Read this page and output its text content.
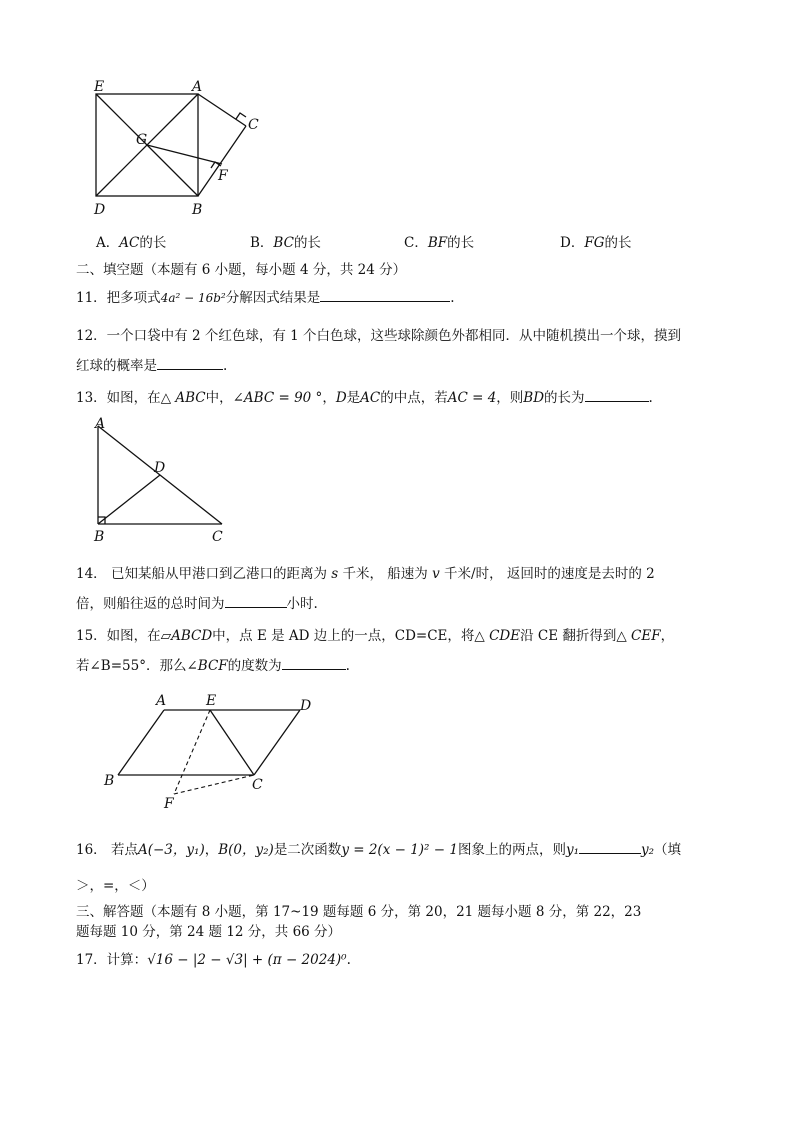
E	A
C
G
F
D	B
A．AC的长	B．BC的长	C．BF的长	D．FG的长
二、填空题（本题有 6 小题，每小题 4 分，共 24 分）
11．把多项式4a² − 16b²分解因式结果是	.
12．一个口袋中有 2 个红色球，有 1 个白色球，这些球除颜色外都相同．从中随机摸出一个球，摸到
红球的概率是	.
13．如图，在△ ABC中，∠ABC = 90 °，D是AC的中点，若AC = 4，则BD的长为	.
A
D
B	C
14． 已知某船从甲港口到乙港口的距离为 s 千米， 船速为 v 千米/时， 返回时的速度是去时的 2
倍，则船往返的总时间为	小时.
15．如图，在▱ABCD中，点 E 是 AD 边上的一点，CD=CE，将△ CDE沿 CE 翻折得到△ CEF，
若∠B=55°．那么∠BCF的度数为	.
A	E	D
B	C
F
16． 若点A(−3，y₁)，B(0，y₂)是二次函数y = 2(x − 1)² − 1图象上的两点，则y₁	y₂（填
＞，=，＜）
三、解答题（本题有 8 小题，第 17~19 题每题 6 分，第 20，21 题每小题 8 分，第 22，23
题每题 10 分，第 24 题 12 分，共 66 分）
17．计算：√16 − |2 − √3| + (π − 2024)⁰.
